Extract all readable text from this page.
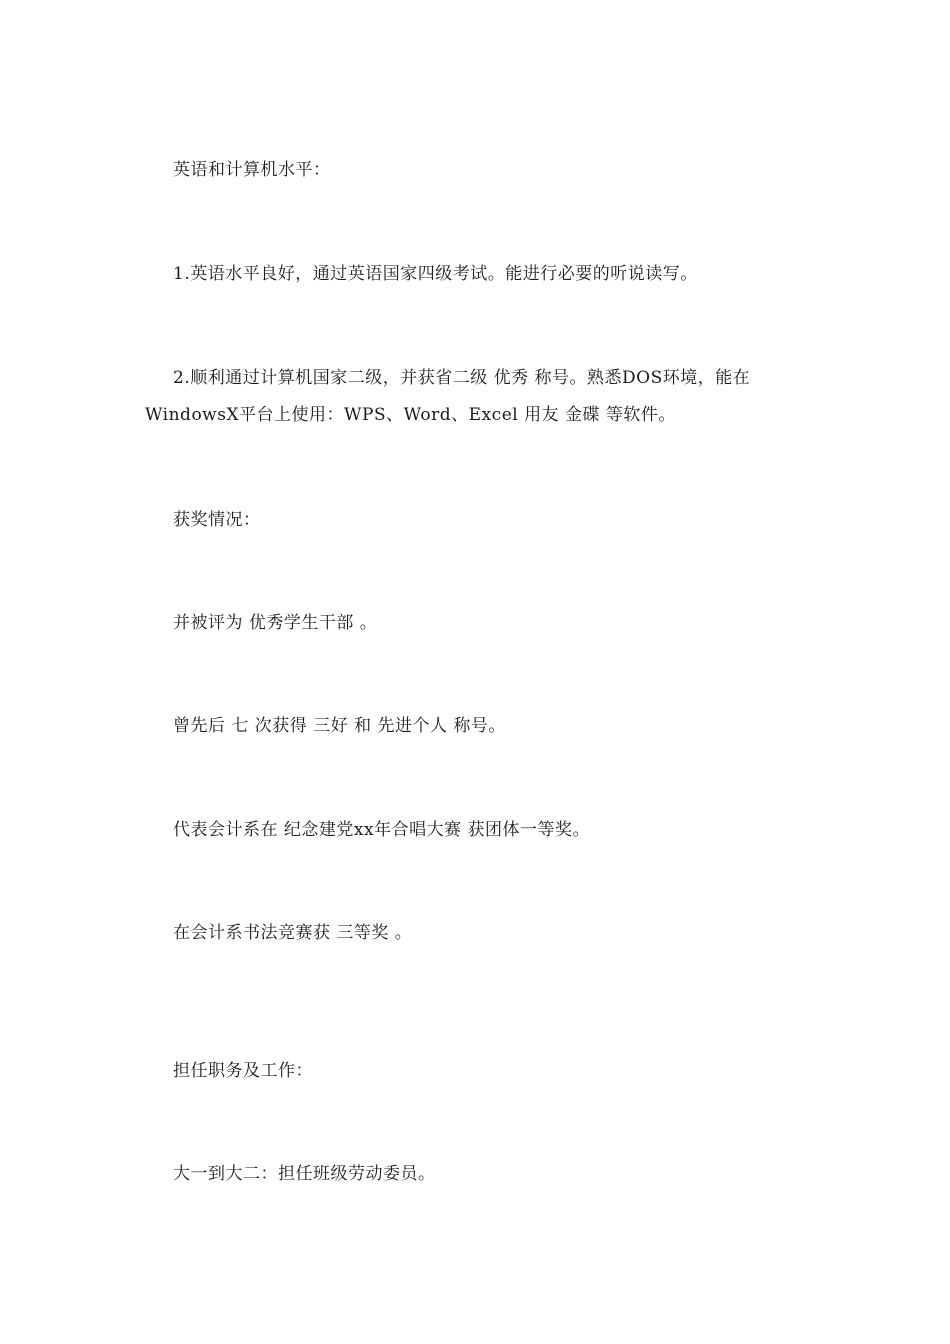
英语和计算机水平：
1.英语水平良好，通过英语国家四级考试。能进行必要的听说读写。
2.顺利通过计算机国家二级，并获省二级 优秀 称号。熟悉DOS环境，能在
WindowsX平台上使用：WPS、Word、Excel 用友 金碟 等软件。
获奖情况：
并被评为 优秀学生干部 。
曾先后 七 次获得 三好 和 先进个人 称号。
代表会计系在 纪念建党xx年合唱大赛 获团体一等奖。
在会计系书法竞赛获 三等奖 。
担任职务及工作：
大一到大二：担任班级劳动委员。
